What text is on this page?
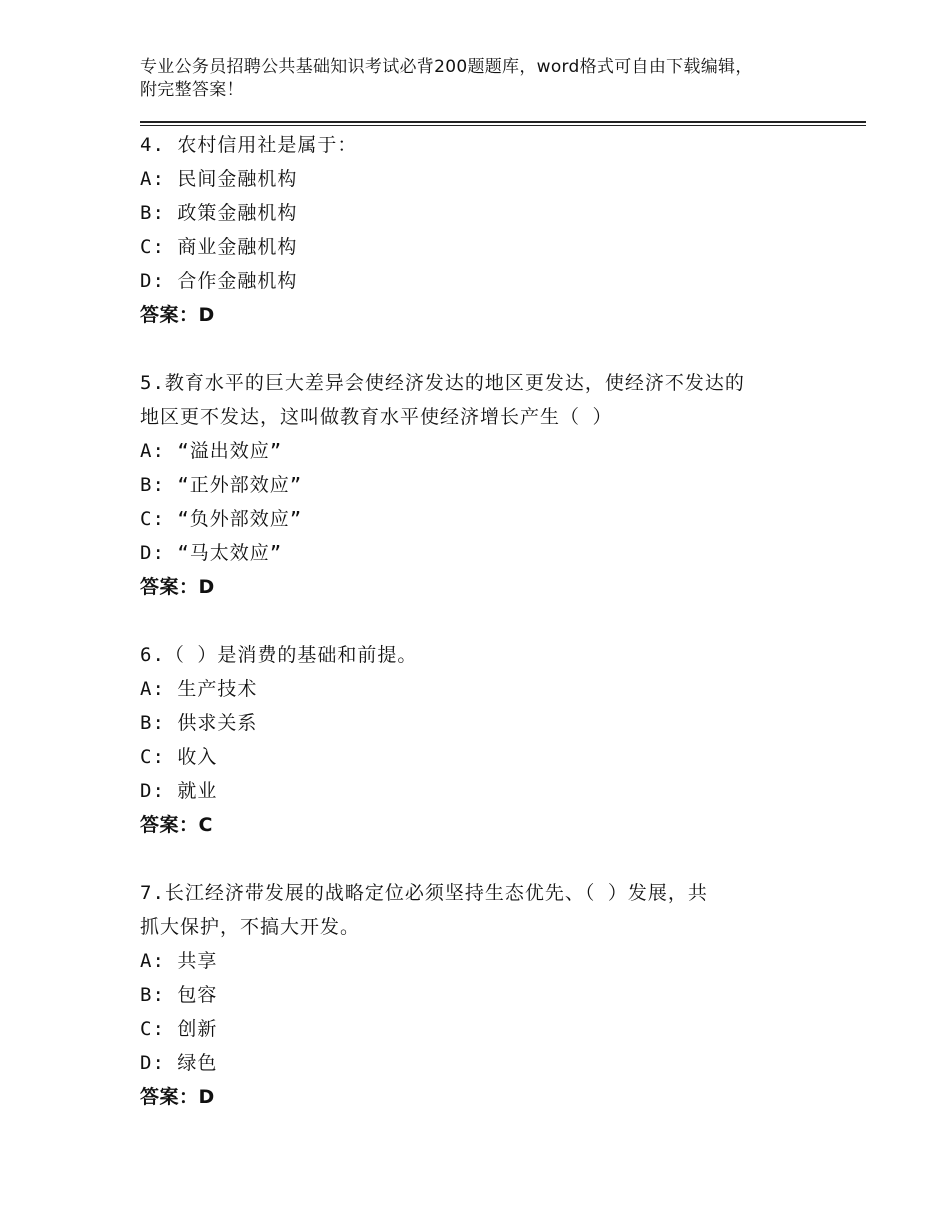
专业公务员招聘公共基础知识考试必背200题题库，word格式可自由下载编辑，
附完整答案！
4. 农村信用社是属于：
A: 民间金融机构
B: 政策金融机构
C: 商业金融机构
D: 合作金融机构
答案：D
5.教育水平的巨大差异会使经济发达的地区更发达，使经济不发达的
地区更不发达，这叫做教育水平使经济增长产生（ ）
A: “溢出效应”
B: “正外部效应”
C: “负外部效应”
D: “马太效应”
答案：D
6.（ ）是消费的基础和前提。
A: 生产技术
B: 供求关系
C: 收入
D: 就业
答案：C
7.长江经济带发展的战略定位必须坚持生态优先、（ ）发展，共
抓大保护，不搞大开发。
A: 共享
B: 包容
C: 创新
D: 绿色
答案：D
